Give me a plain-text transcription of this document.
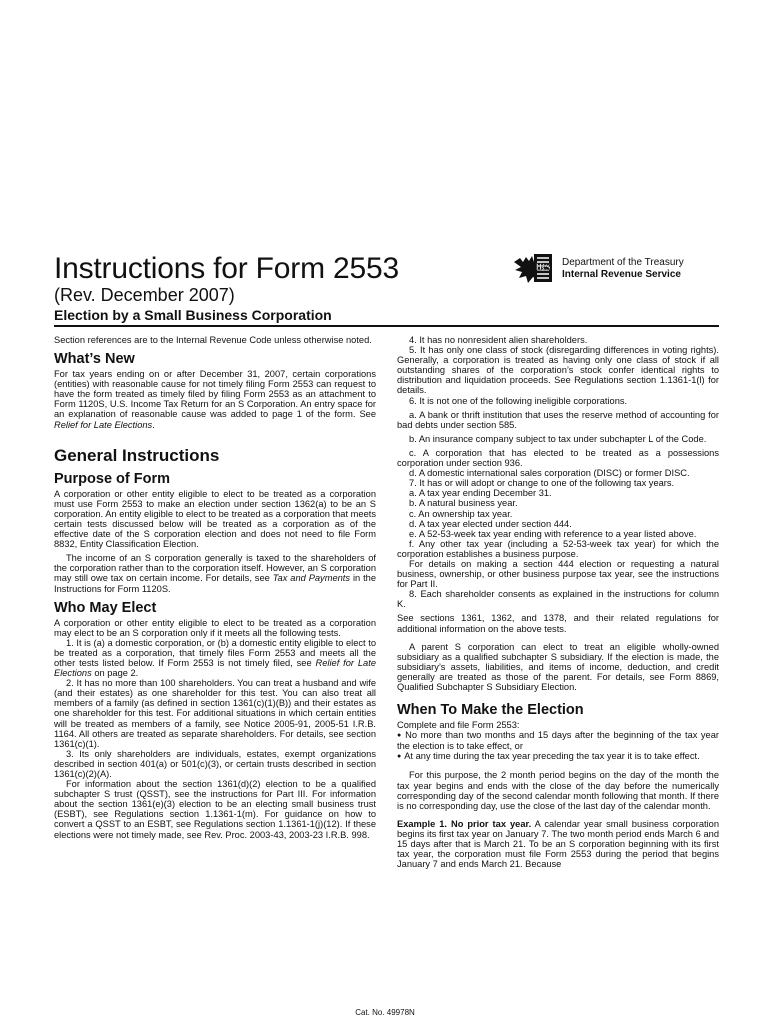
Instructions for Form 2553
(Rev. December 2007)
Election by a Small Business Corporation
IRS Department of the Treasury
Internal Revenue Service

Section references are to the Internal Revenue Code unless otherwise noted.

What’s New

For tax years ending on or after December 31, 2007, certain corporations (entities) with reasonable cause for not timely filing Form 2553 can request to have the form treated as timely filed by filing Form 2553 as an attachment to Form 1120S, U.S. Income Tax Return for an S Corporation. An entry space for an explanation of reasonable cause was added to page 1 of the form. See Relief for Late Elections.

General Instructions
Purpose of Form

A corporation or other entity eligible to elect to be treated as a corporation must use Form 2553 to make an election under section 1362(a) to be an S corporation. An entity eligible to elect to be treated as a corporation that meets certain tests discussed below will be treated as a corporation as of the effective date of the S corporation election and does not need to file Form 8832, Entity Classification Election.

The income of an S corporation generally is taxed to the shareholders of the corporation rather than to the corporation itself. However, an S corporation may still owe tax on certain income. For details, see Tax and Payments in the Instructions for Form 1120S.

Who May Elect

A corporation or other entity eligible to elect to be treated as a corporation may elect to be an S corporation only if it meets all the following tests.

1. It is (a) a domestic corporation, or (b) a domestic entity eligible to elect to be treated as a corporation, that timely files Form 2553 and meets all the other tests listed below. If Form 2553 is not timely filed, see Relief for Late Elections on page 2.

2. It has no more than 100 shareholders. You can treat a husband and wife (and their estates) as one shareholder for this test. You can also treat all members of a family (as defined in section 1361(c)(1)(B)) and their estates as one shareholder for this test. For additional situations in which certain entities will be treated as members of a family, see Notice 2005-91, 2005-51 I.R.B. 1164. All others are treated as separate shareholders. For details, see section 1361(c)(1).

3. Its only shareholders are individuals, estates, exempt organizations described in section 401(a) or 501(c)(3), or certain trusts described in section 1361(c)(2)(A).

For information about the section 1361(d)(2) election to be a qualified subchapter S trust (QSST), see the instructions for Part III. For information about the section 1361(e)(3) election to be an electing small business trust (ESBT), see Regulations section 1.1361-1(m). For guidance on how to convert a QSST to an ESBT, see Regulations section 1.1361-1(j)(12). If these elections were not timely made, see Rev. Proc. 2003-43, 2003-23 I.R.B. 998.

4. It has no nonresident alien shareholders.

5. It has only one class of stock (disregarding differences in voting rights). Generally, a corporation is treated as having only one class of stock if all outstanding shares of the corporation’s stock confer identical rights to distribution and liquidation proceeds. See Regulations section 1.1361-1(l) for details.

6. It is not one of the following ineligible corporations.

a. A bank or thrift institution that uses the reserve method of accounting for bad debts under section 585.

b. An insurance company subject to tax under subchapter L of the Code.

c. A corporation that has elected to be treated as a possessions corporation under section 936.

d. A domestic international sales corporation (DISC) or former DISC.

7. It has or will adopt or change to one of the following tax years.

a. A tax year ending December 31.

b. A natural business year.

c. An ownership tax year.

d. A tax year elected under section 444.

e. A 52-53-week tax year ending with reference to a year listed above.

f. Any other tax year (including a 52-53-week tax year) for which the corporation establishes a business purpose.

For details on making a section 444 election or requesting a natural business, ownership, or other business purpose tax year, see the instructions for Part II.

8. Each shareholder consents as explained in the instructions for column K.

See sections 1361, 1362, and 1378, and their related regulations for additional information on the above tests.

A parent S corporation can elect to treat an eligible wholly-owned subsidiary as a qualified subchapter S subsidiary. If the election is made, the subsidiary’s assets, liabilities, and items of income, deduction, and credit generally are treated as those of the parent. For details, see Form 8869, Qualified Subchapter S Subsidiary Election.

When To Make the Election

Complete and file Form 2553:

● No more than two months and 15 days after the beginning of the tax year the election is to take effect, or

● At any time during the tax year preceding the tax year it is to take effect.

For this purpose, the 2 month period begins on the day of the month the tax year begins and ends with the close of the day before the numerically corresponding day of the second calendar month following that month. If there is no corresponding day, use the close of the last day of the calendar month.

Example 1. No prior tax year. A calendar year small business corporation begins its first tax year on January 7. The two month period ends March 6 and 15 days after that is March 21. To be an S corporation beginning with its first tax year, the corporation must file Form 2553 during the period that begins January 7 and ends March 21. Because

Cat. No. 49978N
